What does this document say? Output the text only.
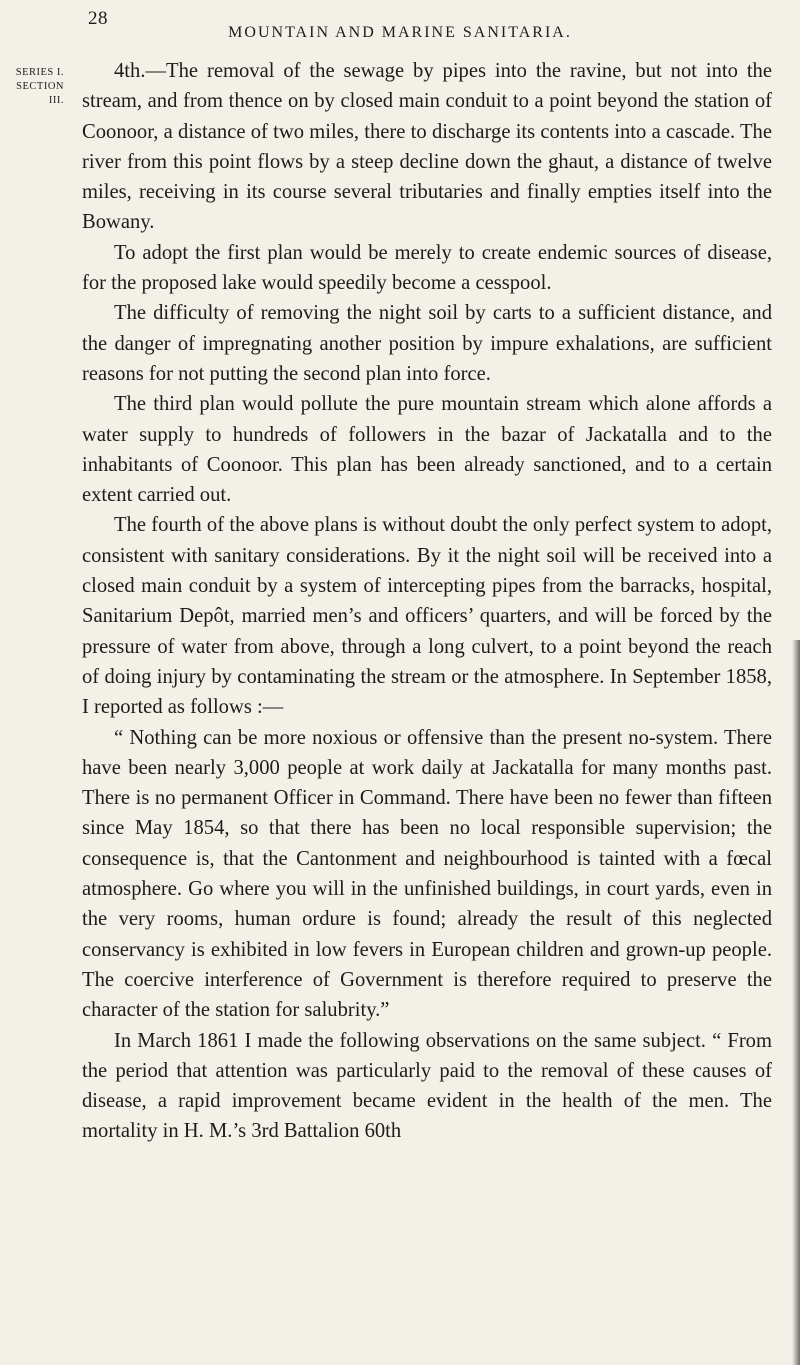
28
MOUNTAIN AND MARINE SANITARIA.
SERIES I.
SECTION III.

4th.—The removal of the sewage by pipes into the ravine, but not into the stream, and from thence on by closed main conduit to a point beyond the station of Coonoor, a distance of two miles, there to discharge its contents into a cascade. The river from this point flows by a steep decline down the ghaut, a distance of twelve miles, receiving in its course several tributaries and finally empties itself into the Bowany.

To adopt the first plan would be merely to create endemic sources of disease, for the proposed lake would speedily become a cesspool.

The difficulty of removing the night soil by carts to a sufficient distance, and the danger of impregnating another position by impure exhalations, are sufficient reasons for not putting the second plan into force.

The third plan would pollute the pure mountain stream which alone affords a water supply to hundreds of followers in the bazar of Jackatalla and to the inhabitants of Coonoor. This plan has been already sanctioned, and to a certain extent carried out.

The fourth of the above plans is without doubt the only perfect system to adopt, consistent with sanitary considerations. By it the night soil will be received into a closed main conduit by a system of intercepting pipes from the barracks, hospital, Sanitarium Depôt, married men’s and officers’ quarters, and will be forced by the pressure of water from above, through a long culvert, to a point beyond the reach of doing injury by contaminating the stream or the atmosphere. In September 1858, I reported as follows :—

“ Nothing can be more noxious or offensive than the present no-system. There have been nearly 3,000 people at work daily at Jackatalla for many months past. There is no permanent Officer in Command. There have been no fewer than fifteen since May 1854, so that there has been no local responsible supervision; the consequence is, that the Cantonment and neighbourhood is tainted with a fœcal atmosphere. Go where you will in the unfinished buildings, in court yards, even in the very rooms, human ordure is found; already the result of this neglected conservancy is exhibited in low fevers in European children and grown-up people. The coercive interference of Government is therefore required to preserve the character of the station for salubrity.”

In March 1861 I made the following observations on the same subject. “ From the period that attention was particularly paid to the removal of these causes of disease, a rapid improvement became evident in the health of the men. The mortality in H. M.’s 3rd Battalion 60th
